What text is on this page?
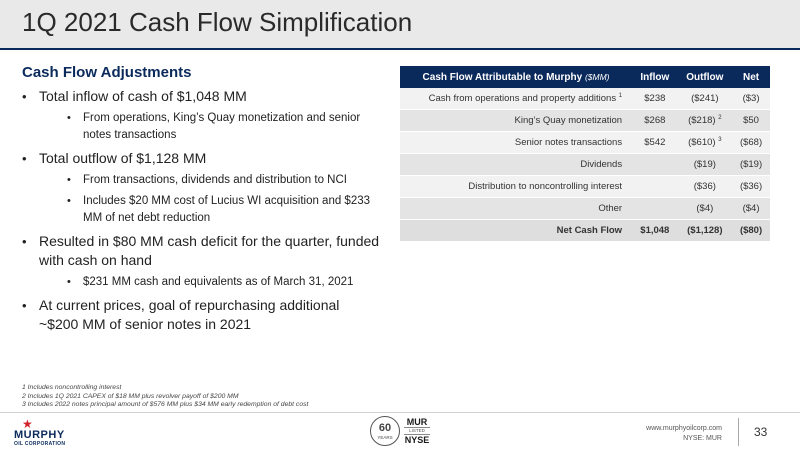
1Q 2021 Cash Flow Simplification
Cash Flow Adjustments
• Total inflow of cash of $1,048 MM
• From operations, King’s Quay monetization and senior notes transactions
• Total outflow of $1,128 MM
• From transactions, dividends and distribution to NCI
• Includes $20 MM cost of Lucius WI acquisition and $233 MM of net debt reduction
• Resulted in $80 MM cash deficit for the quarter, funded with cash on hand
• $231 MM cash and equivalents as of March 31, 2021
• At current prices, goal of repurchasing additional ~$200 MM of senior notes in 2021
Cash Flow Attributable to Murphy ($MM)	Inflow	Outflow	Net
Cash from operations and property additions $^1$	$238	($241)	($3)
King’s Quay monetization	$268	($218) $^2$	$50
Senior notes transactions	$542	($610) $^3$	($68)
Dividends		($19)	($19)
Distribution to noncontrolling interest		($36)	($36)
Other		($4)	($4)
Net Cash Flow	$1,048	($1,128)	($80)
1 Includes noncontrolling interest
2 Includes 1Q 2021 CAPEX of $18 MM plus revolver payoff of $200 MM
3 Includes 2022 notes principal amount of $576 MM plus $34 MM early redemption of debt cost
★
MURPHY
OIL CORPORATION
60
YEARS
MUR
LISTED
NYSE
www.murphyoilcorp.com
NYSE: MUR	33
